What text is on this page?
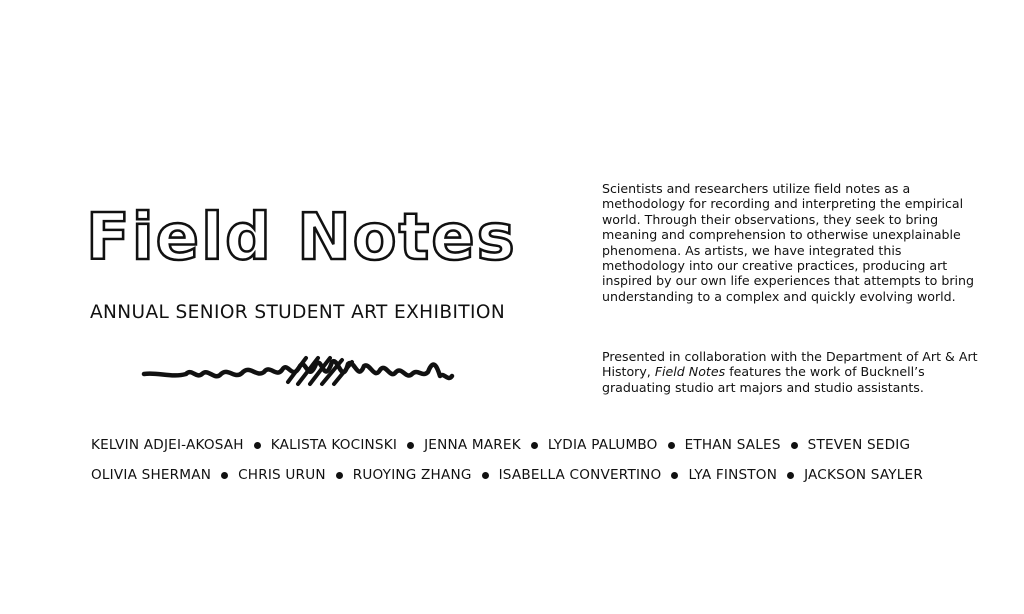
Field Notes
ANNUAL SENIOR STUDENT ART EXHIBITION

Scientists and researchers utilize field notes as a methodology for recording and interpreting the empirical world. Through their observations, they seek to bring meaning and comprehension to otherwise unexplainable phenomena. As artists, we have integrated this methodology into our creative practices, producing art inspired by our own life experiences that attempts to bring understanding to a complex and quickly evolving world.

Presented in collaboration with the Department of Art & Art History, Field Notes features the work of Bucknell’s graduating studio art majors and studio assistants.

KELVIN ADJEI-AKOSAH KALISTA KOCINSKI JENNA MAREK LYDIA PALUMBO ETHAN SALES STEVEN SEDIG
OLIVIA SHERMAN CHRIS URUN RUOYING ZHANG ISABELLA CONVERTINO LYA FINSTON JACKSON SAYLER
